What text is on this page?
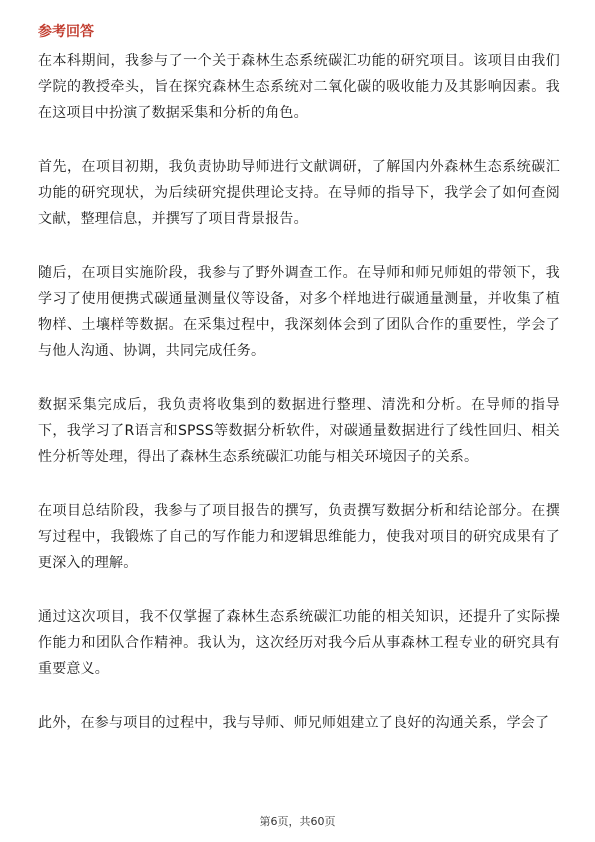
参考回答

在本科期间，我参与了一个关于森林生态系统碳汇功能的研究项目。该项目由我们学院的教授牵头，旨在探究森林生态系统对二氧化碳的吸收能力及其影响因素。我在这项目中扮演了数据采集和分析的角色。

首先，在项目初期，我负责协助导师进行文献调研，了解国内外森林生态系统碳汇功能的研究现状，为后续研究提供理论支持。在导师的指导下，我学会了如何查阅文献，整理信息，并撰写了项目背景报告。

随后，在项目实施阶段，我参与了野外调查工作。在导师和师兄师姐的带领下，我学习了使用便携式碳通量测量仪等设备，对多个样地进行碳通量测量，并收集了植物样、土壤样等数据。在采集过程中，我深刻体会到了团队合作的重要性，学会了与他人沟通、协调，共同完成任务。

数据采集完成后，我负责将收集到的数据进行整理、清洗和分析。在导师的指导下，我学习了R语言和SPSS等数据分析软件，对碳通量数据进行了线性回归、相关性分析等处理，得出了森林生态系统碳汇功能与相关环境因子的关系。

在项目总结阶段，我参与了项目报告的撰写，负责撰写数据分析和结论部分。在撰写过程中，我锻炼了自己的写作能力和逻辑思维能力，使我对项目的研究成果有了更深入的理解。

通过这次项目，我不仅掌握了森林生态系统碳汇功能的相关知识，还提升了实际操作能力和团队合作精神。我认为，这次经历对我今后从事森林工程专业的研究具有重要意义。

此外，在参与项目的过程中，我与导师、师兄师姐建立了良好的沟通关系，学会了

第6页，共60页
